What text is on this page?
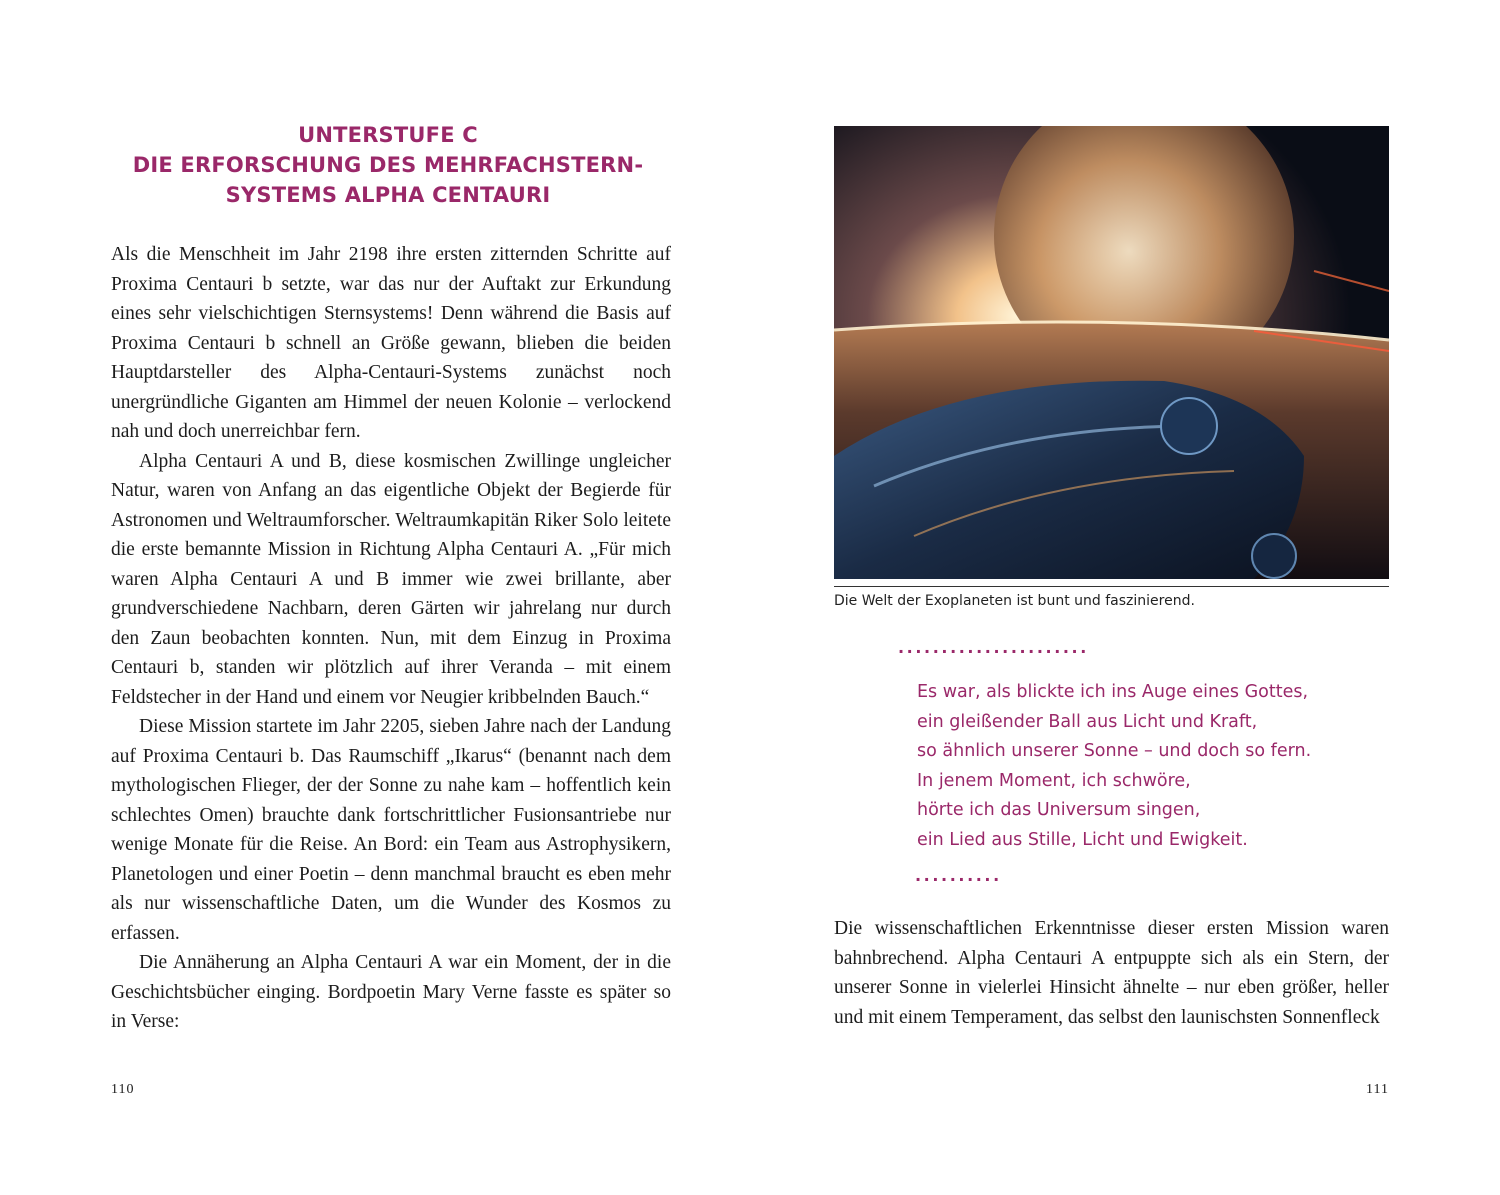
UNTERSTUFE C
DIE ERFORSCHUNG DES MEHRFACHSTERN-
SYSTEMS ALPHA CENTAURI

Als die Menschheit im Jahr 2198 ihre ersten zitternden Schritte auf Proxima Centauri b setzte, war das nur der Auftakt zur Erkundung eines sehr vielschichtigen Sternsystems! Denn während die Basis auf Proxima Centauri b schnell an Größe gewann, blieben die beiden Hauptdarsteller des Alpha-Centauri-Systems zunächst noch unergründliche Giganten am Himmel der neuen Kolonie – verlockend nah und doch unerreichbar fern.

Alpha Centauri A und B, diese kosmischen Zwillinge ungleicher Natur, waren von Anfang an das eigentliche Objekt der Begierde für Astronomen und Weltraumforscher. Weltraumkapitän Riker Solo leitete die erste bemannte Mission in Richtung Alpha Centauri A. „Für mich waren Alpha Centauri A und B immer wie zwei brillante, aber grundverschiedene Nachbarn, deren Gärten wir jahrelang nur durch den Zaun beobachten konnten. Nun, mit dem Einzug in Proxima Centauri b, standen wir plötzlich auf ihrer Veranda – mit einem Feldstecher in der Hand und einem vor Neugier kribbelnden Bauch.“

Diese Mission startete im Jahr 2205, sieben Jahre nach der Landung auf Proxima Centauri b. Das Raumschiff „Ikarus“ (benannt nach dem mythologischen Flieger, der der Sonne zu nahe kam – hoffentlich kein schlechtes Omen) brauchte dank fortschrittlicher Fusionsantriebe nur wenige Monate für die Reise. An Bord: ein Team aus Astrophysikern, Planetologen und einer Poetin – denn manchmal braucht es eben mehr als nur wissenschaftliche Daten, um die Wunder des Kosmos zu erfassen.

Die Annäherung an Alpha Centauri A war ein Moment, der in die Geschichtsbücher einging. Bordpoetin Mary Verne fasste es später so in Verse:

110
Die Welt der Exoplaneten ist bunt und faszinierend.
......................
Es war, als blickte ich ins Auge eines Gottes,
ein gleißender Ball aus Licht und Kraft,
so ähnlich unserer Sonne – und doch so fern.
In jenem Moment, ich schwöre,
hörte ich das Universum singen,
ein Lied aus Stille, Licht und Ewigkeit.
..........
Die wissenschaftlichen Erkenntnisse dieser ersten Mission waren bahnbrechend. Alpha Centauri A entpuppte sich als ein Stern, der unserer Sonne in vielerlei Hinsicht ähnelte – nur eben größer, heller und mit einem Temperament, das selbst den launischsten Sonnenfleck
111
